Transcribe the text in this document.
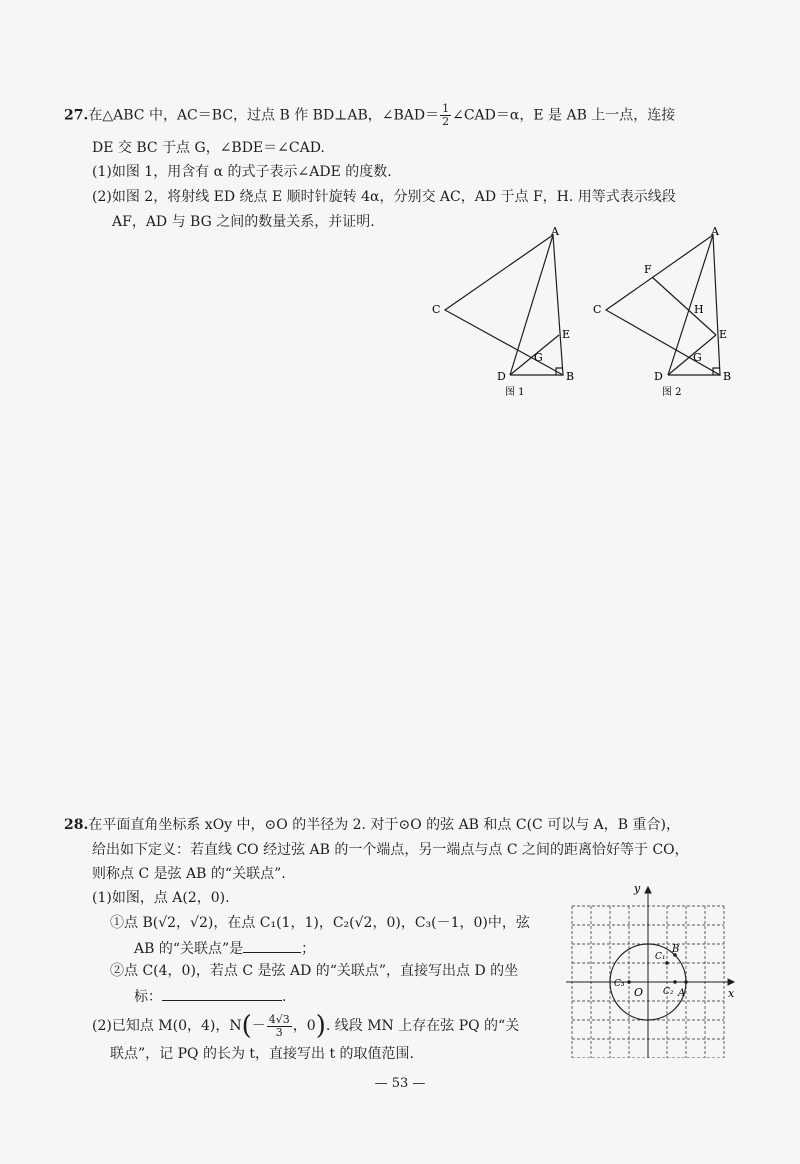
27.在△ABC 中，AC＝BC，过点 B 作 BD⊥AB，∠BAD＝ $\frac{1}{2}$ ∠CAD＝α，E 是 AB 上一点，连接
DE 交 BC 于点 G，∠BDE＝∠CAD.
(1)如图 1，用含有 α 的式子表示∠ADE 的度数.
(2)如图 2，将射线 ED 绕点 E 顺时针旋转 4α，分别交 AC，AD 于点 F，H. 用等式表示线段
AF，AD 与 BG 之间的数量关系，并证明.
A
C
D	B
E
G
图 1
A
F
C	H
E
G
D	B
图 2
28.在平面直角坐标系 xOy 中，⊙O 的半径为 2. 对于⊙O 的弦 AB 和点 C(C 可以与 A，B 重合)，
给出如下定义：若直线 CO 经过弦 AB 的一个端点，另一端点与点 C 之间的距离恰好等于 CO，
则称点 C 是弦 AB 的“关联点”.
(1)如图，点 A(2，0).
①点 B(√2，√2)，在点 C₁(1，1)，C₂(√2，0)，C₃(－1，0)中，弦
AB 的“关联点”是	；
②点 C(4，0)，若点 C 是弦 AD 的“关联点”，直接写出点 D 的坐
标：	.
(2)已知点 M(0，4)，$N(- \frac{4√3}{3}$ ，0). 线段 MN 上存在弦 PQ 的“关
联点”，记 PQ 的长为 t，直接写出 t 的取值范围.
x
y
O	A
B
C₁
C₂
C₃
— 53 —
